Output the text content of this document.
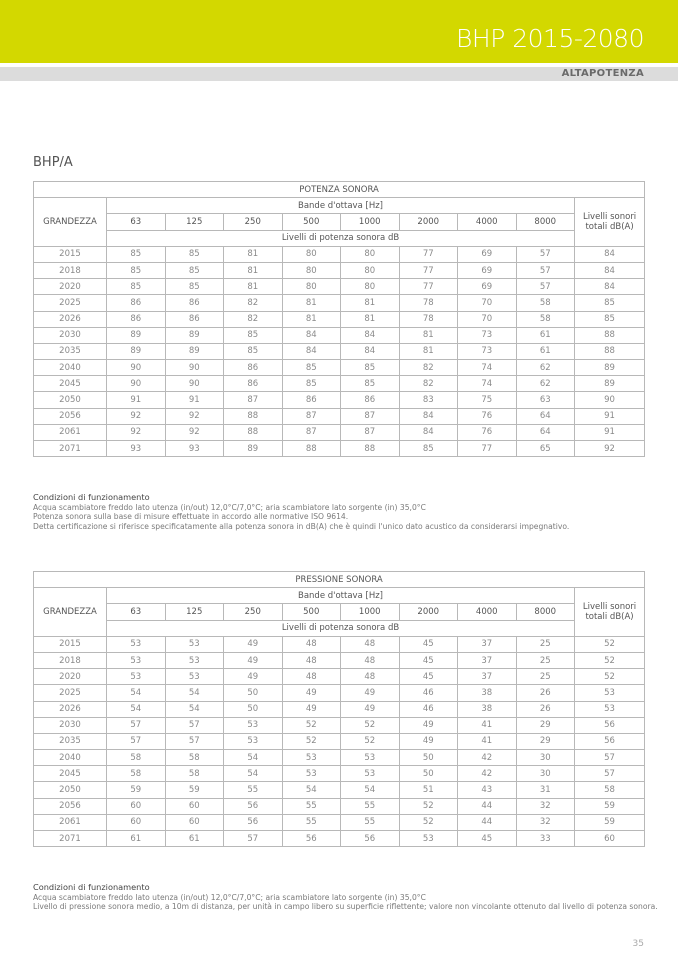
BHP 2015-2080
ALTAPOTENZA
BHP/A
POTENZA SONORA									
GRANDEZZA	Bande d'ottava [Hz]								Livelli sonori totali dB(A)
	63	125	250	500	1000	2000	4000	8000	
	Livelli di potenza sonora dB								
2015	85	85	81	80	80	77	69	57	84
2018	85	85	81	80	80	77	69	57	84
2020	85	85	81	80	80	77	69	57	84
2025	86	86	82	81	81	78	70	58	85
2026	86	86	82	81	81	78	70	58	85
2030	89	89	85	84	84	81	73	61	88
2035	89	89	85	84	84	81	73	61	88
2040	90	90	86	85	85	82	74	62	89
2045	90	90	86	85	85	82	74	62	89
2050	91	91	87	86	86	83	75	63	90
2056	92	92	88	87	87	84	76	64	91
2061	92	92	88	87	87	84	76	64	91
2071	93	93	89	88	88	85	77	65	92
Condizioni di funzionamento
Acqua scambiatore freddo lato utenza (in/out) 12,0°C/7,0°C; aria scambiatore lato sorgente (in) 35,0°C
Potenza sonora sulla base di misure effettuate in accordo alle normative ISO 9614.
Detta certificazione si riferisce specificatamente alla potenza sonora in dB(A) che è quindi l'unico dato acustico da considerarsi impegnativo.
PRESSIONE SONORA									
GRANDEZZA	Bande d'ottava [Hz]								Livelli sonori totali dB(A)
	63	125	250	500	1000	2000	4000	8000	
	Livelli di potenza sonora dB								
2015	53	53	49	48	48	45	37	25	52
2018	53	53	49	48	48	45	37	25	52
2020	53	53	49	48	48	45	37	25	52
2025	54	54	50	49	49	46	38	26	53
2026	54	54	50	49	49	46	38	26	53
2030	57	57	53	52	52	49	41	29	56
2035	57	57	53	52	52	49	41	29	56
2040	58	58	54	53	53	50	42	30	57
2045	58	58	54	53	53	50	42	30	57
2050	59	59	55	54	54	51	43	31	58
2056	60	60	56	55	55	52	44	32	59
2061	60	60	56	55	55	52	44	32	59
2071	61	61	57	56	56	53	45	33	60
Condizioni di funzionamento
Acqua scambiatore freddo lato utenza (in/out) 12,0°C/7,0°C; aria scambiatore lato sorgente (in) 35,0°C
Livello di pressione sonora medio, a 10m di distanza, per unità in campo libero su superficie riflettente; valore non vincolante ottenuto dal livello di potenza sonora.
35
